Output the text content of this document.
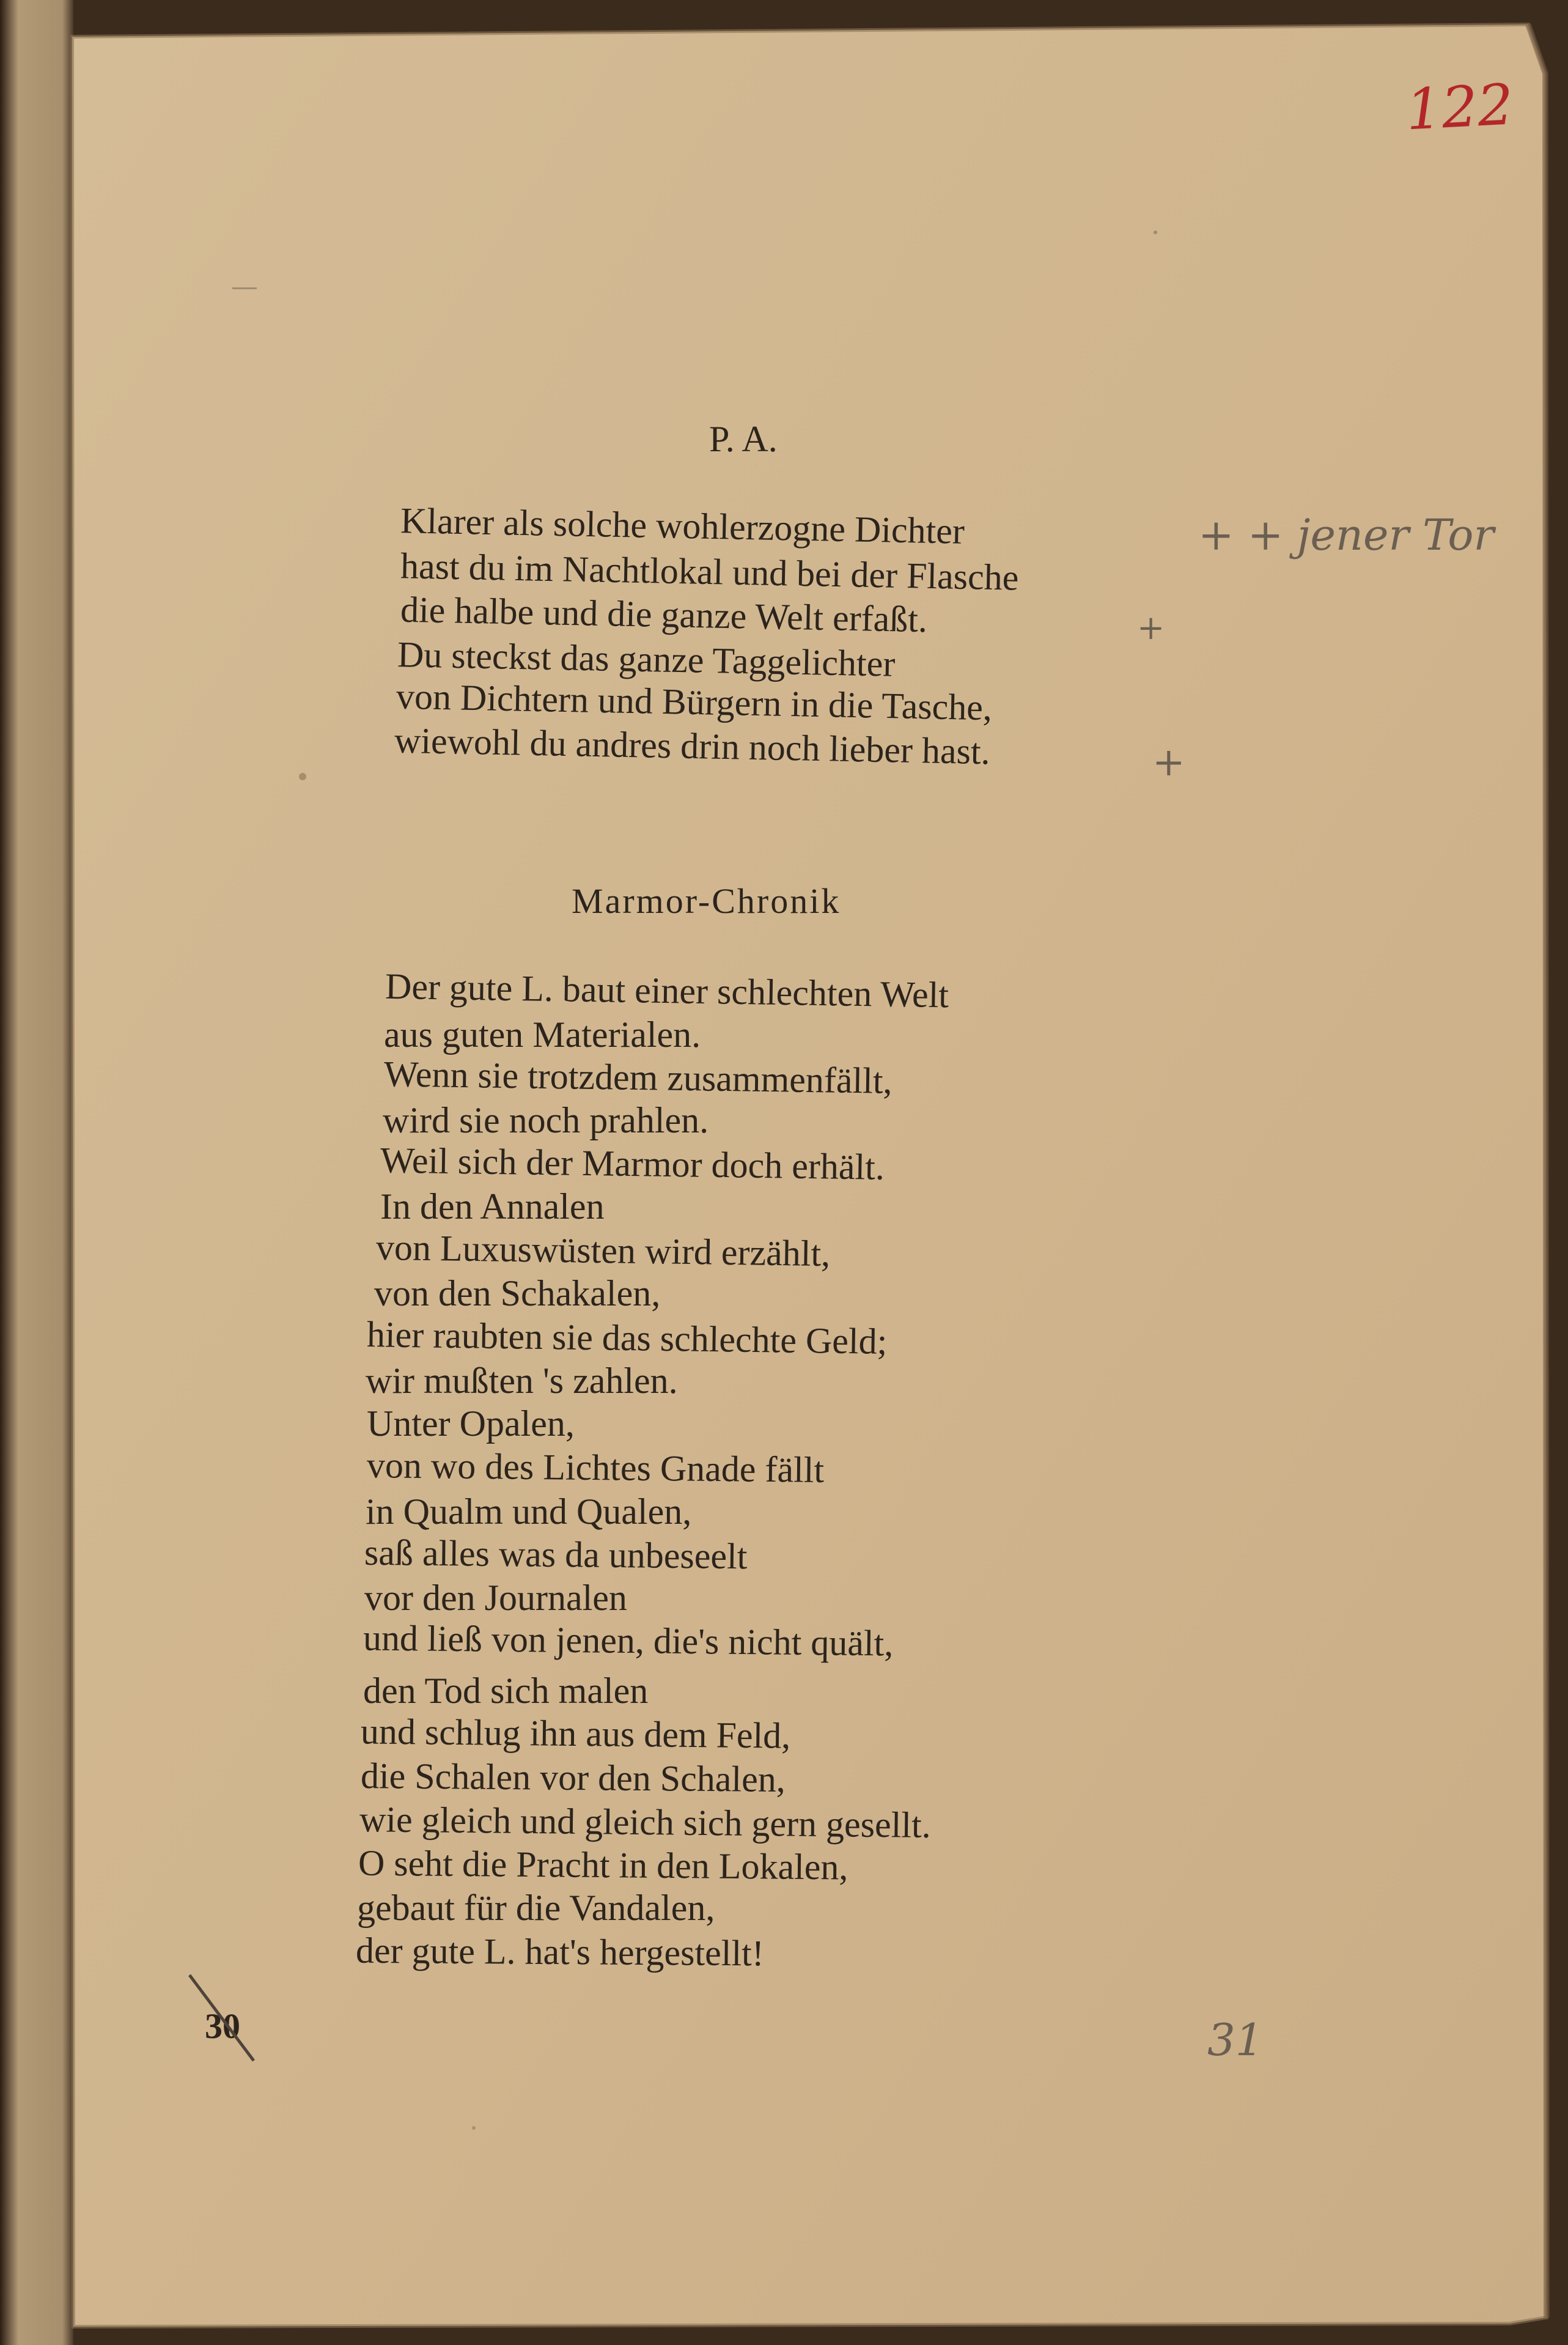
122
P. A.
Klarer als solche wohlerzogne Dichter
hast du im Nachtlokal und bei der Flasche
die halbe und die ganze Welt erfaßt.
Du steckst das ganze Taggelichter
von Dichtern und Bürgern in die Tasche,
wiewohl du andres drin noch lieber hast.
+ + jener Tor
+
+
Marmor-Chronik
Der gute L. baut einer schlechten Welt
aus guten Materialen.
Wenn sie trotzdem zusammenfällt,
wird sie noch prahlen.
Weil sich der Marmor doch erhält.
In den Annalen
von Luxuswüsten wird erzählt,
von den Schakalen,
hier raubten sie das schlechte Geld;
wir mußten 's zahlen.
Unter Opalen,
von wo des Lichtes Gnade fällt
in Qualm und Qualen,
saß alles was da unbeseelt
vor den Journalen
und ließ von jenen, die's nicht quält,
den Tod sich malen
und schlug ihn aus dem Feld,
die Schalen vor den Schalen,
wie gleich und gleich sich gern gesellt.
O seht die Pracht in den Lokalen,
gebaut für die Vandalen,
der gute L. hat's hergestellt!
30	31
